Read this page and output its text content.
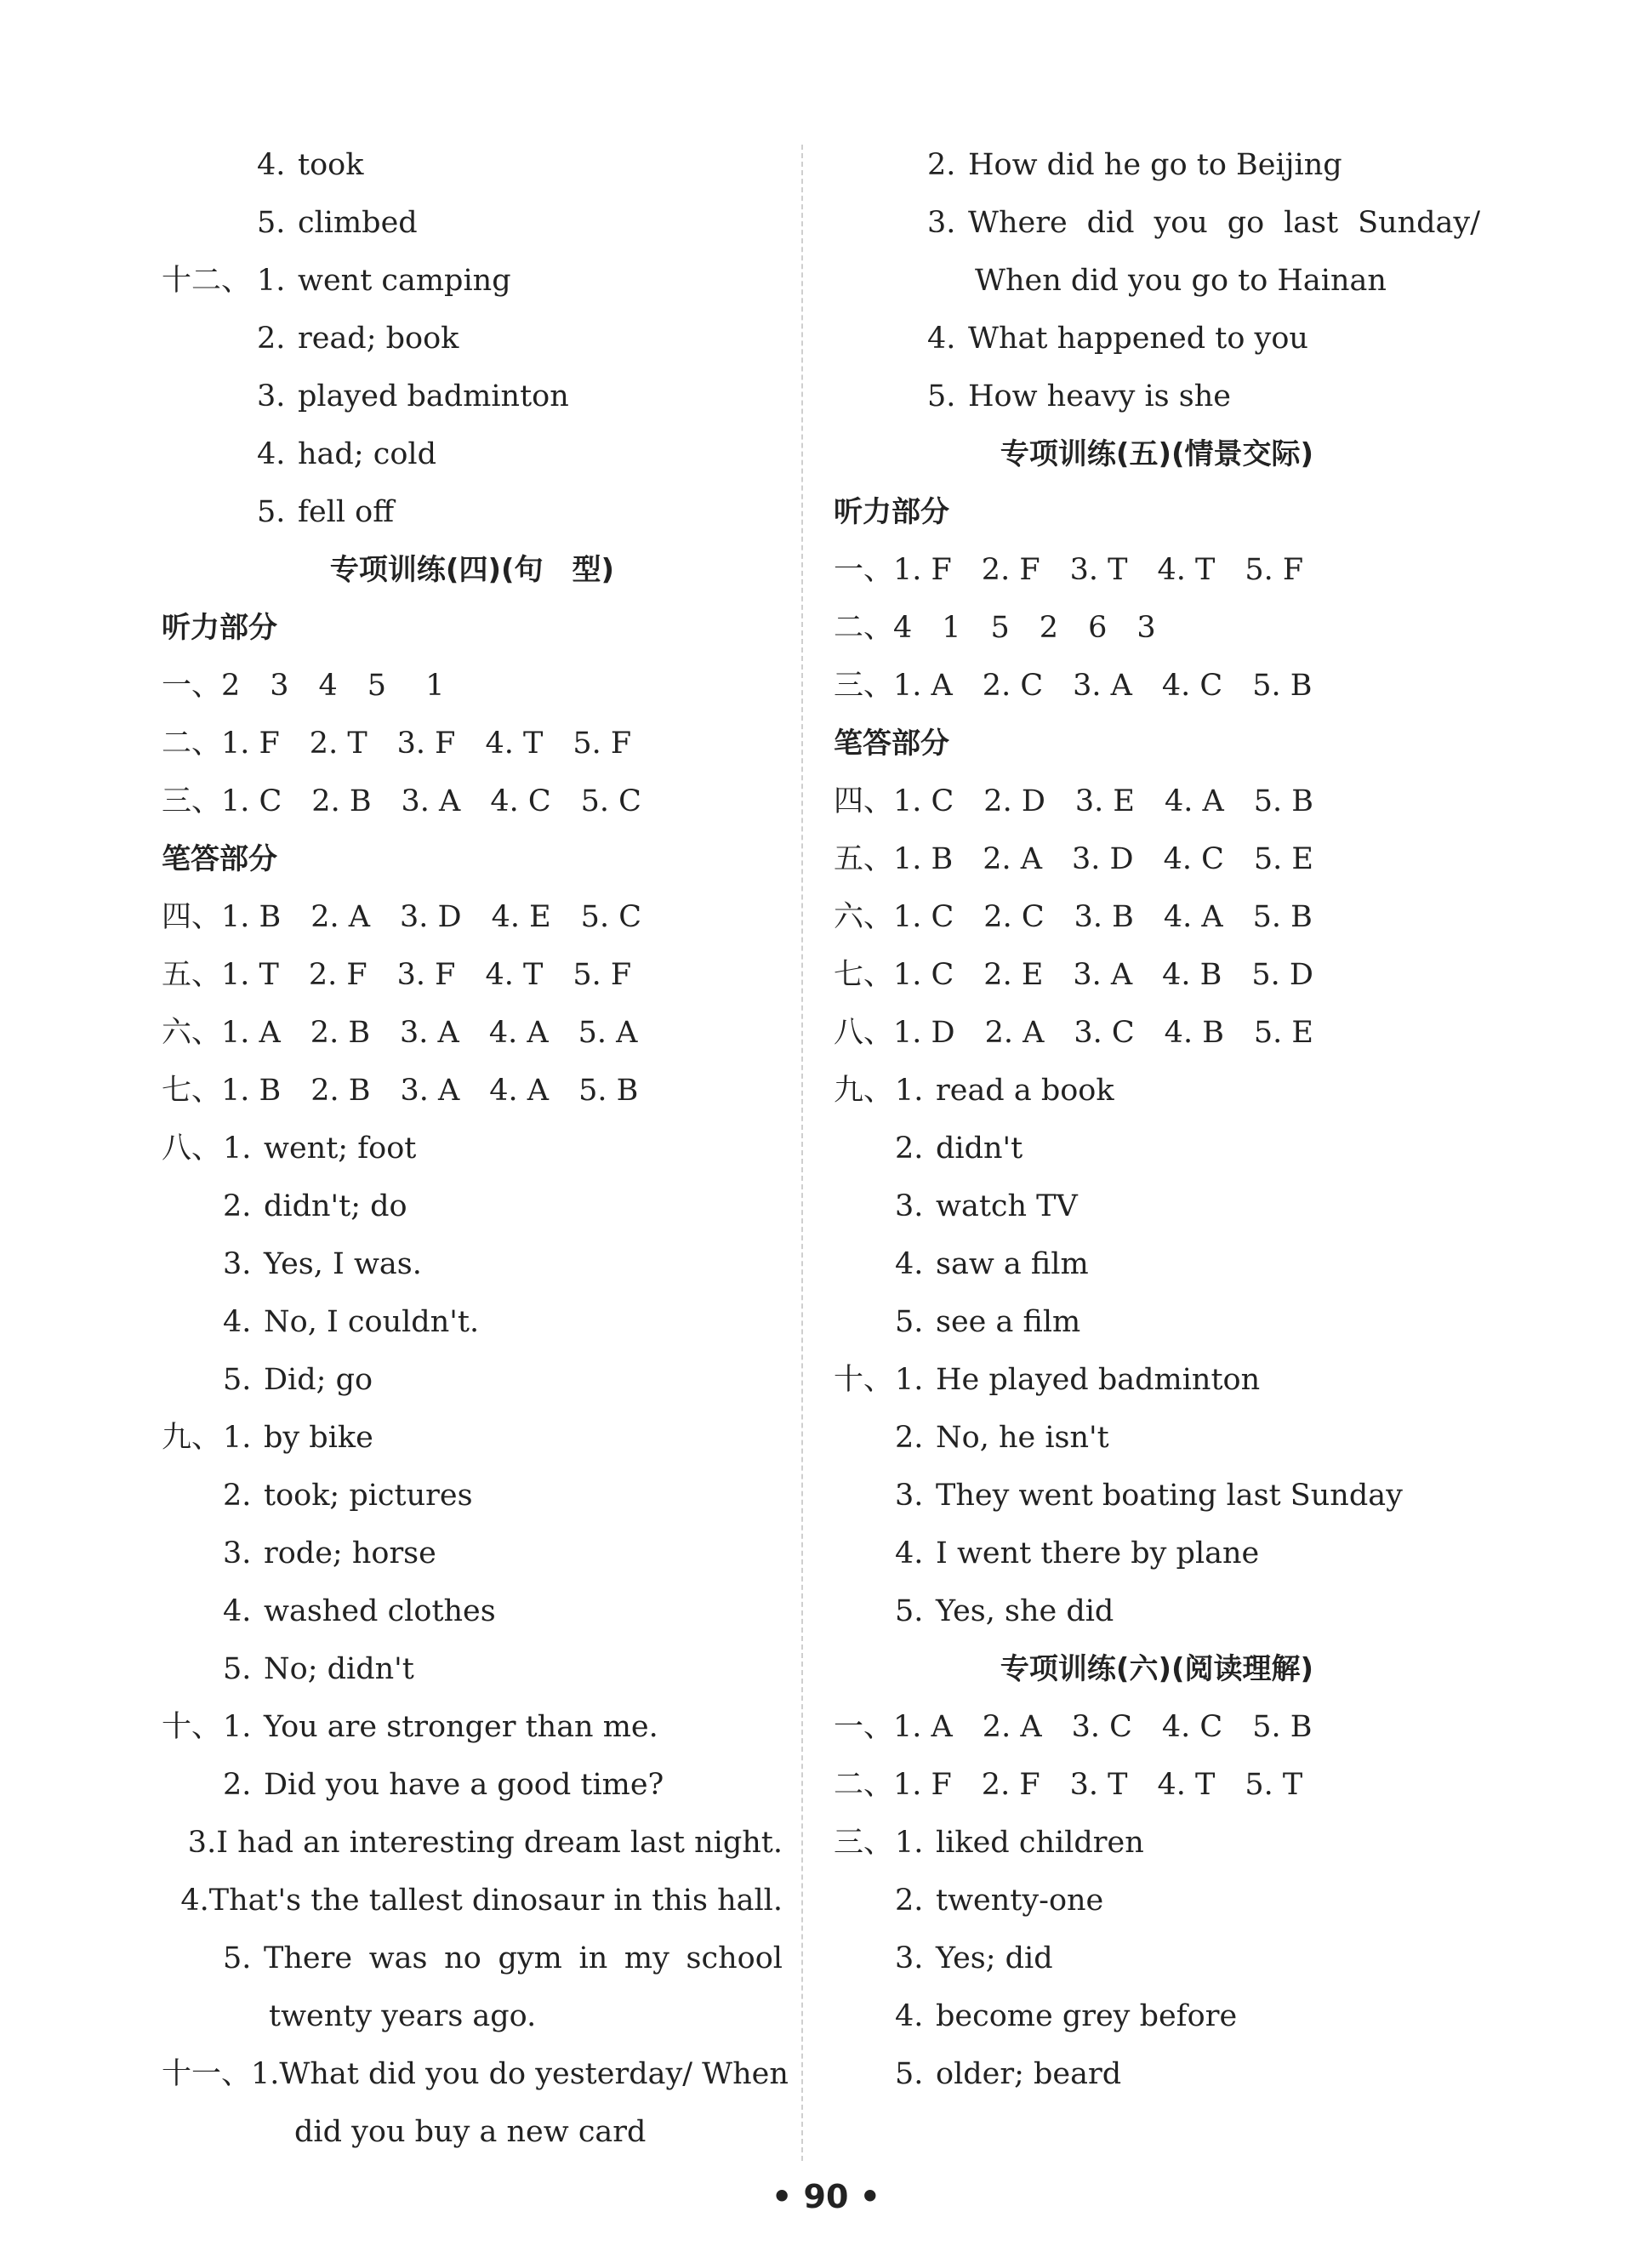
4. took
5. climbed
十二、 1. went camping
2. read; book
3. played badminton
4. had; cold
5. fell off
专项训练(四)(句　型)
听力部分
一、2　3　4　5　 1
二、1. F　2. T　3. F　4. T　5. F
三、1. C　2. B　3. A　4. C　5. C
笔答部分
四、1. B　2. A　3. D　4. E　5. C
五、1. T　2. F　3. F　4. T　5. F
六、1. A　2. B　3. A　4. A　5. A
七、1. B　2. B　3. A　4. A　5. B
八、 1. went; foot
2. didn't; do
3. Yes, I was.
4. No, I couldn't.
5. Did; go
九、 1. by bike
2. took; pictures
3. rode; horse
4. washed clothes
5. No; didn't
十、 1. You are stronger than me.
2. Did you have a good time?
3. I had an interesting dream last night.
4. That's the tallest dinosaur in this hall.
5. There was no gym in my school
twenty years ago.
十一、 1. What did you do yesterday/ When
did you buy a new card
2. How did he go to Beijing
3. Where did you go last Sunday/
When did you go to Hainan
4. What happened to you
5. How heavy is she
专项训练(五)(情景交际)
听力部分
一、1. F　2. F　3. T　4. T　5. F
二、4　1　5　2　6　3
三、1. A　2. C　3. A　4. C　5. B
笔答部分
四、1. C　2. D　3. E　4. A　5. B
五、1. B　2. A　3. D　4. C　5. E
六、1. C　2. C　3. B　4. A　5. B
七、1. C　2. E　3. A　4. B　5. D
八、1. D　2. A　3. C　4. B　5. E
九、 1. read a book
2. didn't
3. watch TV
4. saw a film
5. see a film
十、 1. He played badminton
2. No, he isn't
3. They went boating last Sunday
4. I went there by plane
5. Yes, she did
专项训练(六)(阅读理解)
一、1. A　2. A　3. C　4. C　5. B
二、1. F　2. F　3. T　4. T　5. T
三、 1. liked children
2. twenty-one
3. Yes; did
4. become grey before
5. older; beard
• 90 •
